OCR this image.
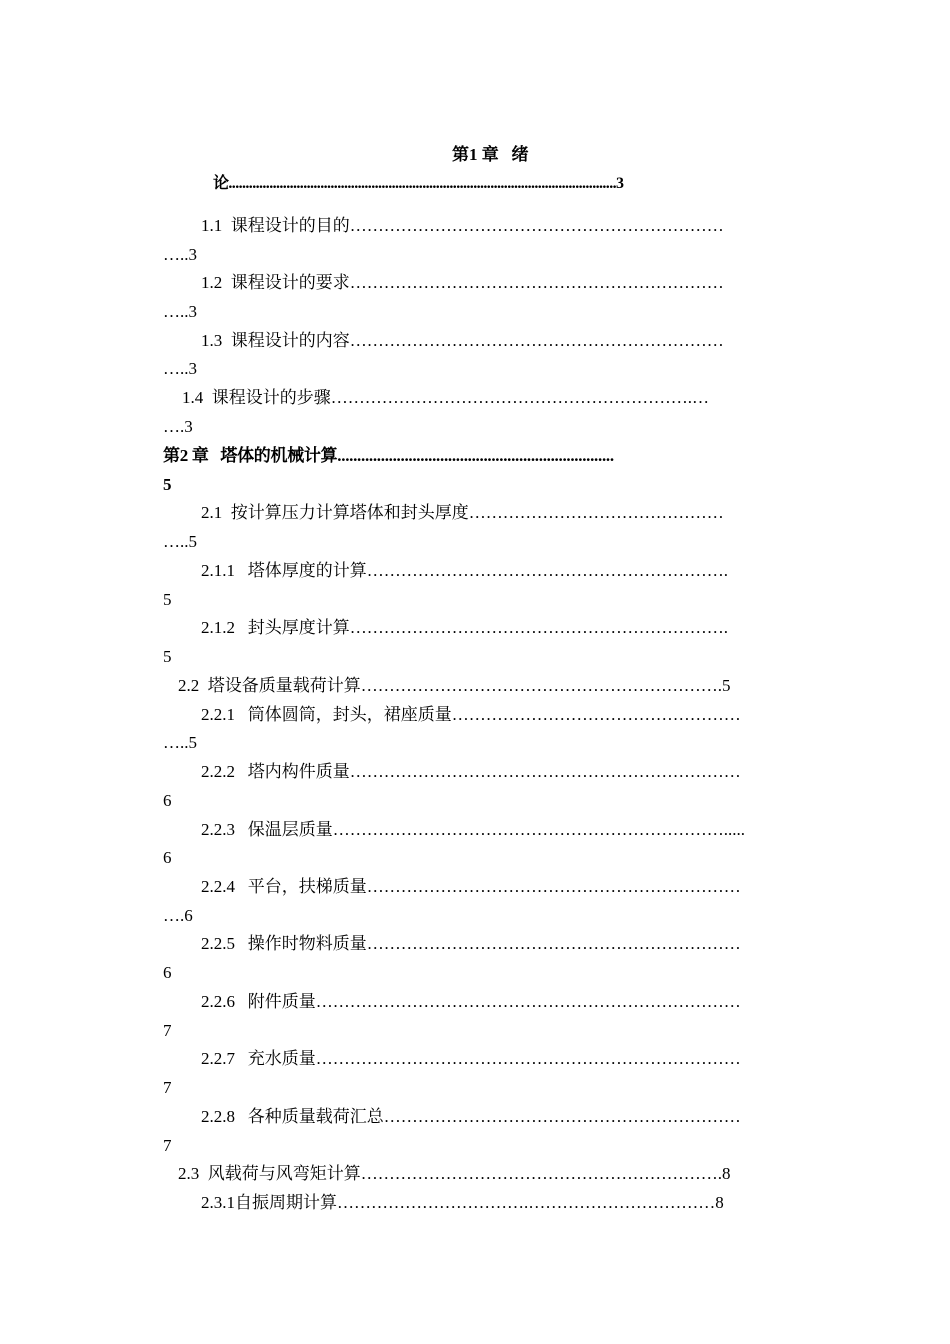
第1 章   绪
论..................................................................................................................3
1.1  课程设计的目的…………………………………………………………
…..3
1.2  课程设计的要求…………………………………………………………
…..3
1.3  课程设计的内容…………………………………………………………
…..3
1.4  课程设计的步骤……………………………………………………….…
….3
第2 章   塔体的机械计算......................................................................
5
2.1  按计算压力计算塔体和封头厚度………………………………………
…..5
2.1.1   塔体厚度的计算……………………………………………………….
5
2.1.2   封头厚度计算………………………………………………………….
5
2.2  塔设备质量载荷计算……………………………………………………….5
2.2.1   筒体圆筒，封头，裙座质量……………………………………………
…..5
2.2.2   塔内构件质量……………………………………………………………
6
2.2.3   保温层质量…………………………………………………………….....
6
2.2.4   平台，扶梯质量…………………………………………………………
….6
2.2.5   操作时物料质量…………………………………………………………
6
2.2.6   附件质量…………………………………………………………………
7
2.2.7   充水质量…………………………………………………………………
7
2.2.8   各种质量载荷汇总………………………………………………………
7
2.3  风载荷与风弯矩计算……………………………………………………….8
2.3.1自振周期计算…………………………….……………………………8
